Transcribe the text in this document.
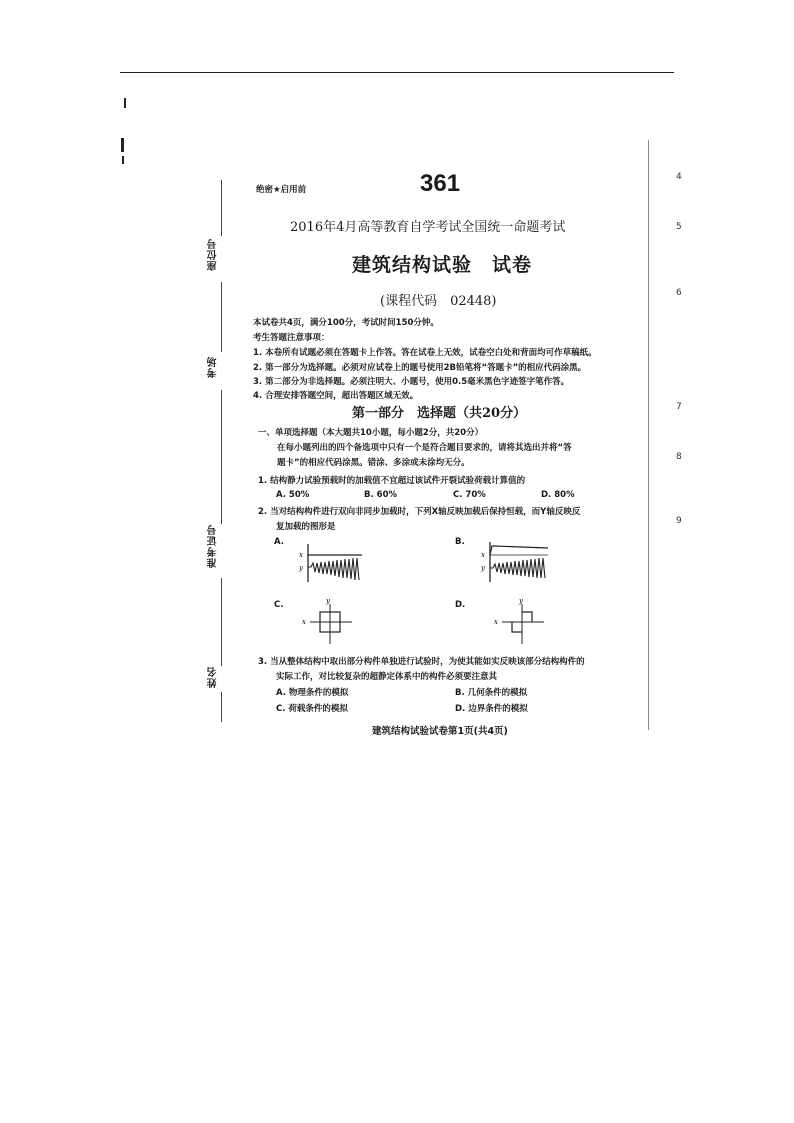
4
5
6
7
8
9
座位号
考场
准考证号
姓名
绝密★启用前	361
2016年4月高等教育自学考试全国统一命题考试
建筑结构试验　试卷
(课程代码　02448)
本试卷共4页，满分100分，考试时间150分钟。
考生答题注意事项：
1. 本卷所有试题必须在答题卡上作答。答在试卷上无效，试卷空白处和背面均可作草稿纸。
2. 第一部分为选择题。必须对应试卷上的题号使用2B铅笔将“答题卡”的相应代码涂黑。
3. 第二部分为非选择题。必须注明大、小题号，使用0.5毫米黑色字迹签字笔作答。
4. 合理安排答题空间，超出答题区域无效。
第一部分　选择题（共20分）
一、单项选择题（本大题共10小题，每小题2分，共20分）
在每小题列出的四个备选项中只有一个是符合题目要求的，请将其选出并将“答
题卡”的相应代码涂黑。错涂、多涂或未涂均无分。
1. 结构静力试验预载时的加载值不宜超过该试件开裂试验荷载计算值的
A. 50%	B. 60%	C. 70%	D. 80%
2. 当对结构构件进行双向非同步加载时，下列X轴反映加载后保持恒载，而Y轴反映反
复加载的图形是
A.	B.
C.	D.
x
y
x
y
y
x
y
x
3. 当从整体结构中取出部分构件单独进行试验时，为使其能如实反映该部分结构构件的
实际工作，对比较复杂的超静定体系中的构件必须要注意其
A. 物理条件的模拟	B. 几何条件的模拟
C. 荷载条件的模拟	D. 边界条件的模拟
建筑结构试验试卷第1页(共4页)
